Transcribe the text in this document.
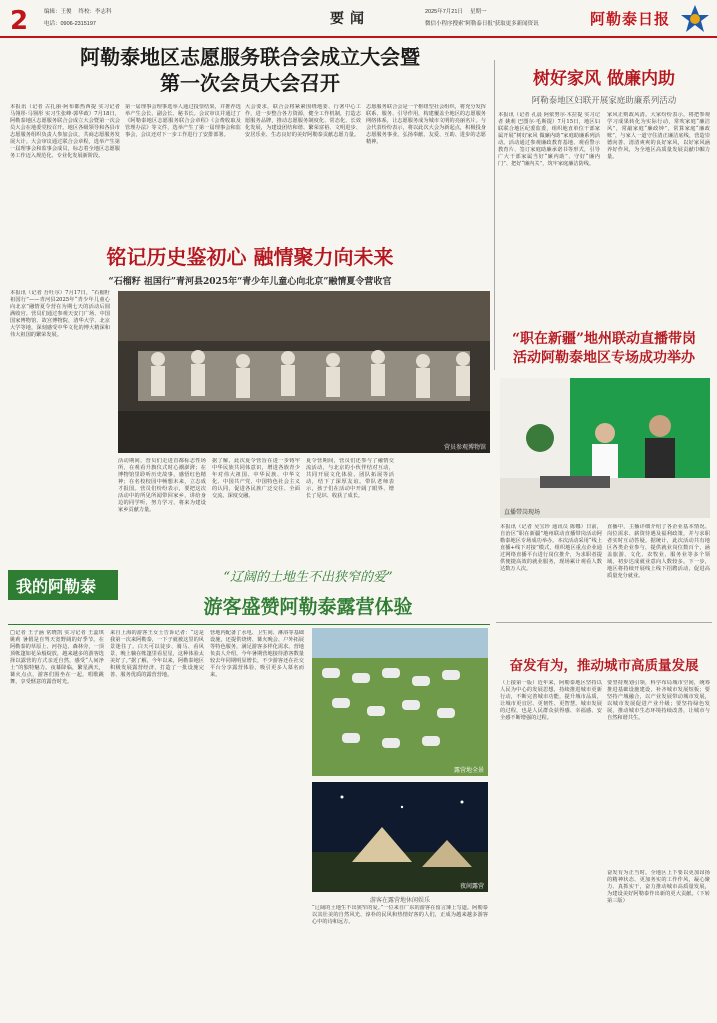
2	编辑：王俊　 终校：李志科
电话：0906-2315197	要闻	2025年7月21日　 星期一
微信小程序搜索“阿勒泰日报”获取更多新闻资讯	阿勒泰日报
阿勒泰地区志愿服务联合会成立大会暨
第一次会员大会召开
本报讯（记者 古扎丽·阿布都热西提 实习记者 马翎彤·马翎彤 实习生张峰·郭华政）7月18日，阿勒泰地区志愿服务联合会成立大会暨第一次会员大会在地委党校召开。地区各级领导和各县市志愿服务组织负责人参加会议，共商志愿服务发展大计。大会审议通过联合会章程，选举产生第一届理事会和监事会成员，标志着全地区志愿服务工作迈入规范化、专业化发展新阶段。
第一届理事会理事选举人通过投票结果，并推荐选举产生会长、副会长、秘书长。会议审议并通过了《阿勒泰地区志愿服务联合会章程》《会费收取及管理办法》等文件，选举产生了第一届理事会和监事会，会议还对下一步工作进行了安排部署。
大会要求，联合会将紧紧围绕地委、行署中心工作，进一步整合各方资源，健全工作机制，打造志愿服务品牌，推动志愿服务制度化、常态化、长效化发展，为建设团结和谐、繁荣富裕、文明进步、安居乐业、生态良好的美好阿勒泰贡献志愿力量。
志愿服务联合会是一个枢纽型社会组织，将充分发挥联系、服务、引导作用，构建覆盖全地区的志愿服务网络体系，让志愿服务成为城市文明的亮丽名片。与会代表纷纷表示，将以此次大会为新起点，积极投身志愿服务事业，弘扬奉献、友爱、互助、进步的志愿精神。
树好家风 做廉内助
阿勒泰地区妇联开展家庭助廉系列活动
本报讯（记者 孔晨 阿依努尔·木拉提 实习记者 姚莉 巴图尔·毛斯提）7月15日，地区妇联联合地区纪委监委，组织地直单位干部家属开展“树好家风 做廉内助”家庭助廉系列活动。活动通过参观廉政教育基地、观看警示教育片、签订家庭助廉承诺书等形式，引导广大干部家属当好“廉内助”、守好“廉内门”、把好“廉内关”，筑牢家庭廉洁防线。
家风正则政风清。大家纷纷表示，将把参观学习成果转化为实际行动，常吹家庭“廉洁风”，常敲家庭“廉政钟”，常算家庭“廉政账”，与家人一道守住清正廉洁底线，营造崇德向善、清清爽爽的良好家风，以好家风涵养好作风，为全地区高质量发展贡献巾帼力量。
铭记历史鉴初心 融情聚力向未来
“石榴籽 祖国行”青河县2025年“青少年儿童心向北京”融情夏令营收官
本报讯（记者 吾吐尔）7月17日，“石榴籽 祖国行”——青河县2025年“青少年儿童心向北京”融情夏令营在为期七天的活动后圆满收官。营员们通过参观天安门广场、中国国家博物馆、故宫博物院、清华大学、北京大学等地，深刻感受中华文化的博大精深和伟大祖国的繁荣发展。
营员参观博物馆
活动期间，营员们走进首都标志性场所，在观看升旗仪式时心潮澎湃；在博物馆里聆听历史故事，感悟红色精神；在名校校园中畅想未来，立志成才报国。营员们纷纷表示，要把这次活动中的所见所闻带回家乡，讲给身边的同学听，努力学习，将来为建设家乡贡献力量。
据了解，此次夏令营旨在进一步铸牢中华民族共同体意识，增进各族青少年对伟大祖国、中华民族、中华文化、中国共产党、中国特色社会主义的认同，促进各民族广泛交往、全面交流、深度交融。
夏令营期间，营员们还参与了融情交流活动，与北京的小伙伴结对互动，共同开展文化体验、团队拓展等活动，结下了深厚友谊。带队老师表示，孩子们在活动中开阔了眼界、增长了见识、收获了成长。
“职在新疆”地州联动直播带岗
活动阿勒泰地区专场成功举办
直播带岗现场
本报讯（记者 吴宝珍 通讯员 陈娜）日前，自治区“职在新疆”地州联动直播带岗活动阿勒泰地区专场成功举办。本次活动采用“线上直播+线下对接”模式，组织地区重点企业通过网络直播平台进行岗位推介，为求职者提供便捷高效的就业服务，现场累计观看人数达数万人次。
直播中，主播详细介绍了各企业基本情况、岗位需求、薪资待遇及福利政策，并与求职者实时互动答疑。据统计，此次活动共有地区各类企业参与，提供就业岗位数百个，涵盖旅游、文化、农牧业、服务业等多个领域，初步达成就业意向人数较多。下一步，地区将持续开展线上线下招聘活动，促进高质量充分就业。
我的阿勒泰	“辽阔的土地生不出狭窄的爱”
游客盛赞阿勒泰露营体验
□记者 王子涵 常晓凯 实习记者 王蕊琪 姚莉 暑假是自驾天宽野阔的好季节。在阿勒泰的草原上、河谷边、森林旁，一顶顶帐篷如花朵般绽放，越来越多的游客选择以露营的方式亲近自然，感受“人间净土”的独特魅力。夜幕降临，繁星满天，篝火点点，游客们围坐在一起，唱歌跳舞，享受惬意的露营时光。
来自上海的游客王女士告诉记者：“这是我第一次来阿勒泰，一下子就被这里的风景迷住了。白天可以徒步、骑马、看风景，晚上躺在帐篷里看星星，这种体验太美好了。”据了解，今年以来，阿勒泰地区积极发展露营经济，打造了一批设施完善、服务优质的露营营地。
营地内配备了水电、卫生间、淋浴等基础设施，还提供烧烤、篝火晚会、户外拓展等特色服务，满足游客多样化需求。营地负责人介绍，今年暑期营地接待游客数量较去年同期明显增长，不少游客还在社交平台分享露营体验，吸引更多人慕名而来。
露营地全景
夜间露营
游客在露营地休闲娱乐
“辽阔的土地生不出狭窄的爱。”一位来自广东的游客在留言簿上写道。阿勒泰以其壮美的自然风光、淳朴的民风和热情好客的人们，正成为越来越多游客心中的诗和远方。
奋发有为，推动城市高质量发展
（上接第一版）近年来，阿勒泰地区坚持以人民为中心的发展思想，持续推进城市更新行动，不断完善城市功能，提升城市品质，让城市更宜居、更韧性、更智慧。城市发展的过程，也是人民群众获得感、幸福感、安全感不断增强的过程。
要坚持规划引领，科学布局城市空间，统筹推进基础设施建设，补齐城市发展短板；要坚持产城融合，以产业发展带动城市发展，以城市发展促进产业升级；要坚持绿色发展，推动城市生态环境持续改善，让城市与自然和谐共生。
奋发有为正当时。全地区上下要以更加昂扬的精神状态、更加务实的工作作风，凝心聚力、真抓实干，奋力推动城市高质量发展，为建设美好阿勒泰作出新的更大贡献。（下转第三版）
